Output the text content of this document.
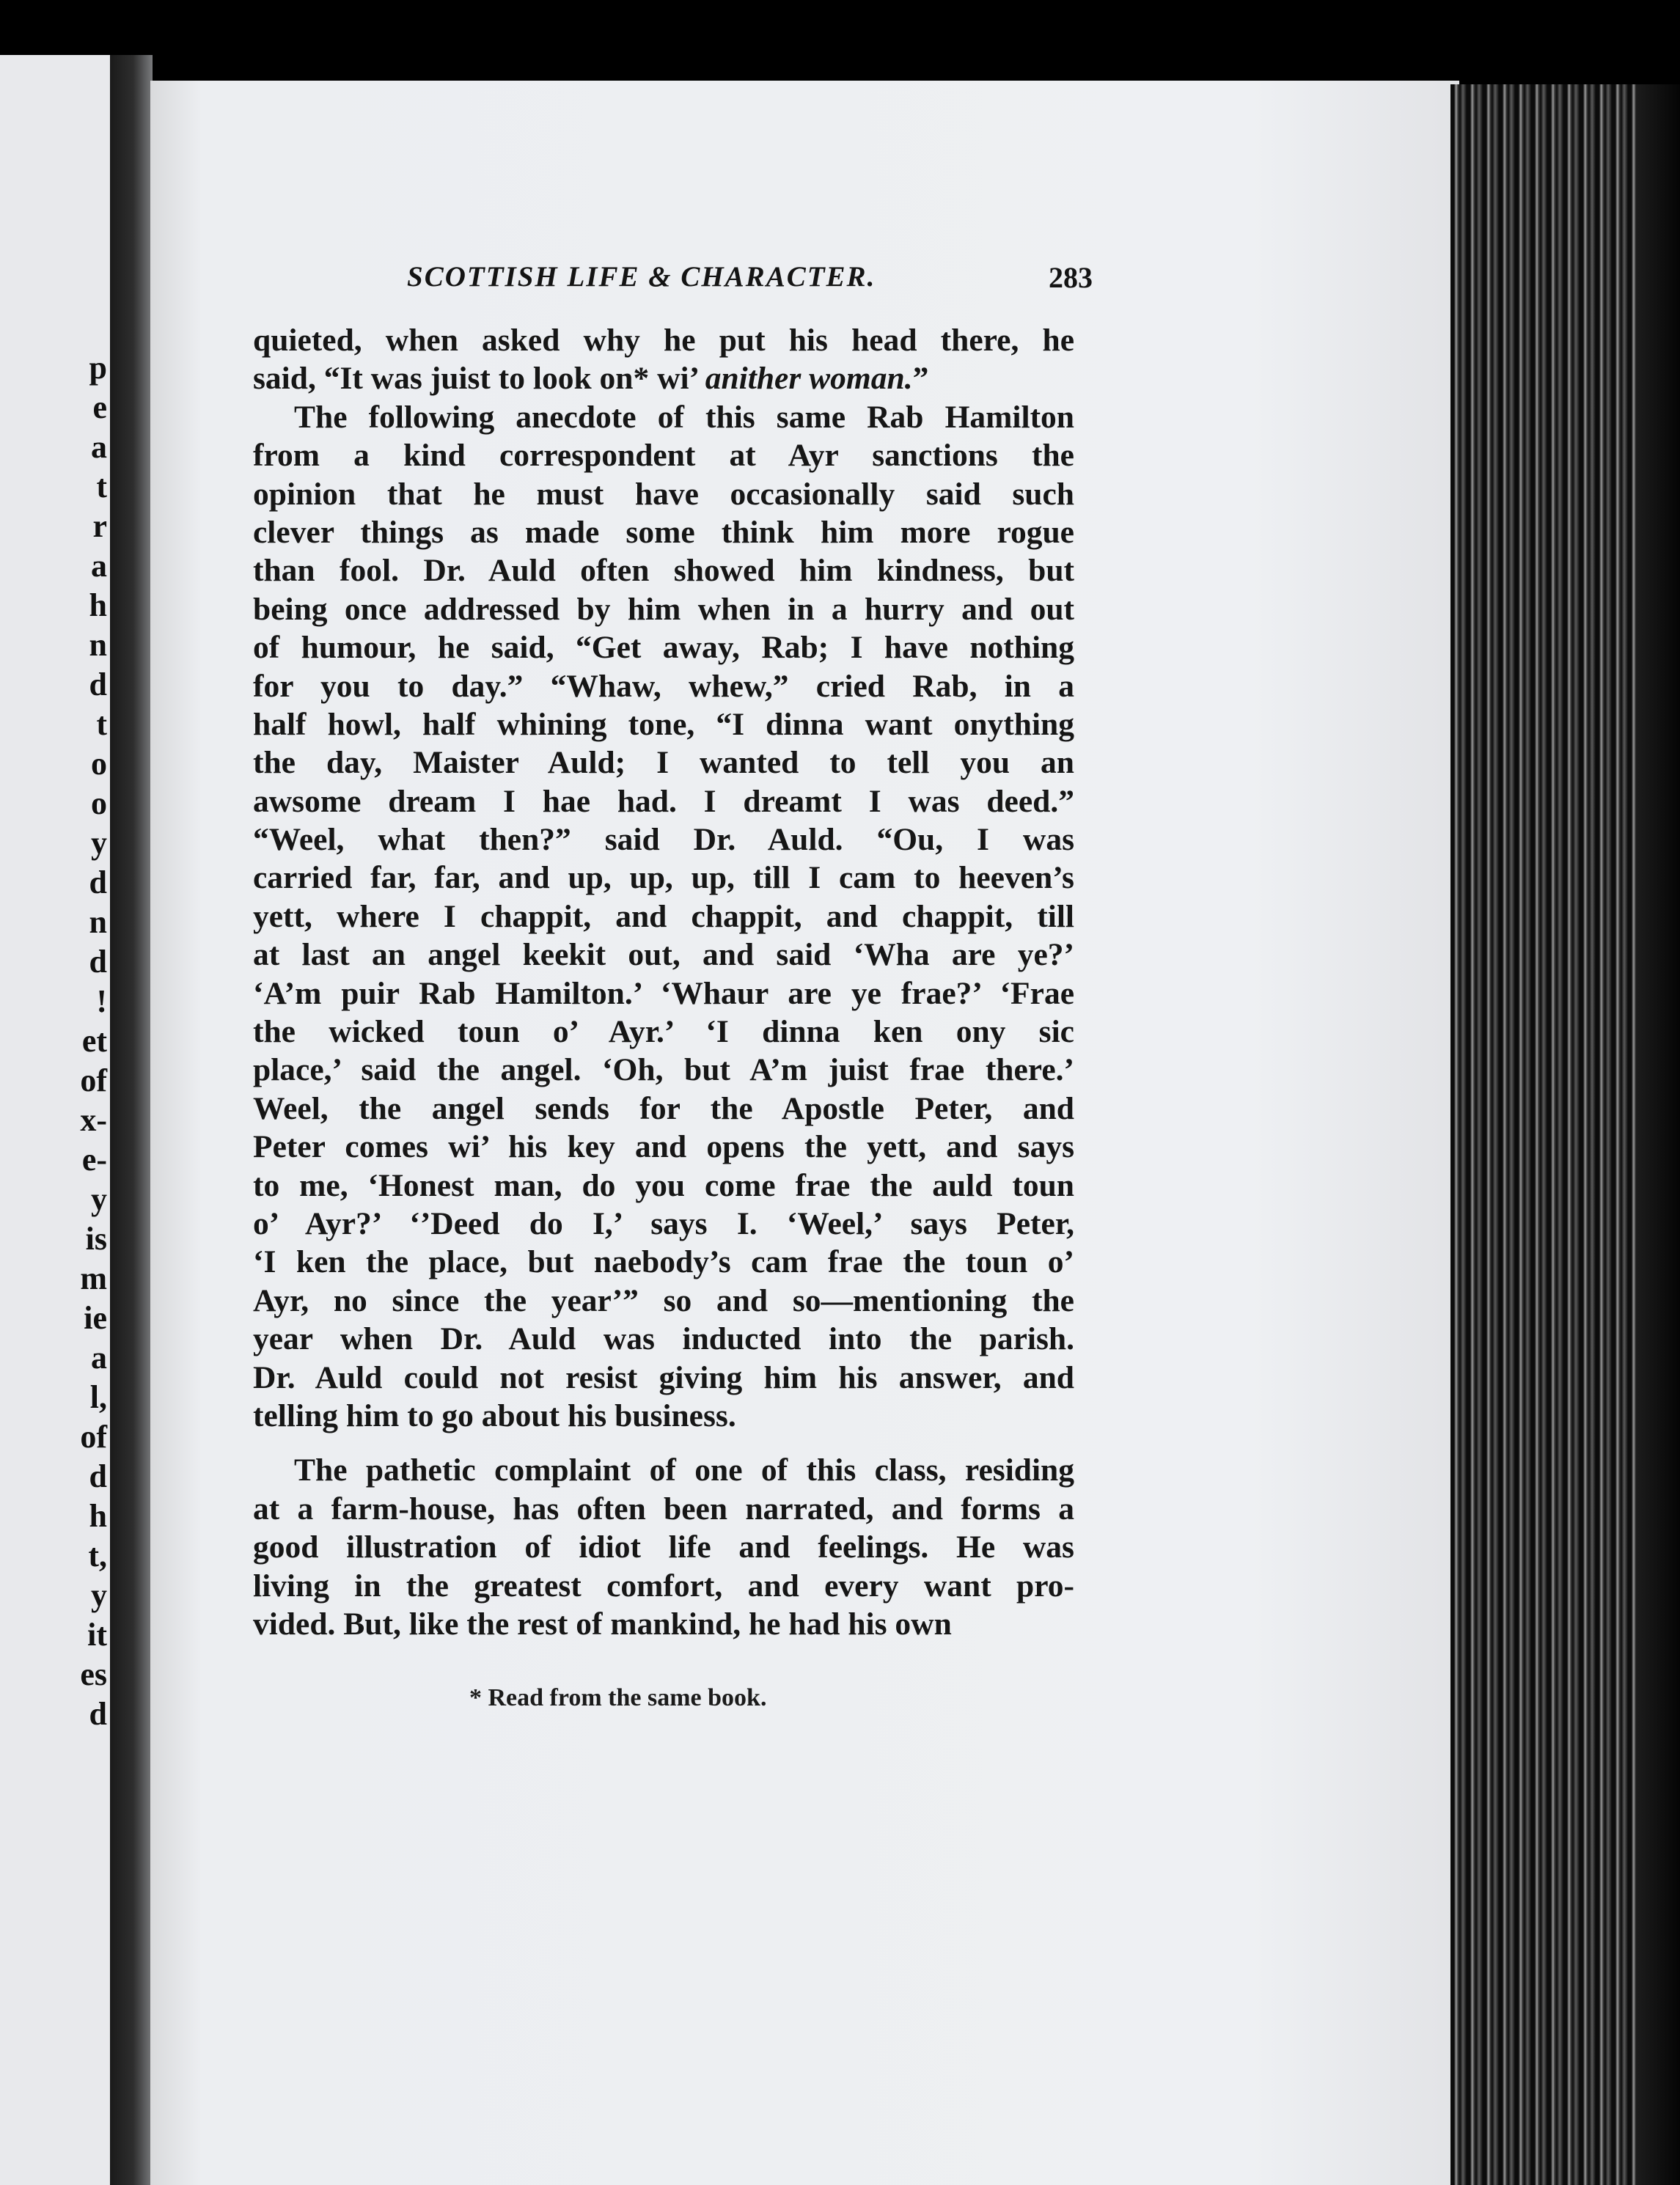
p
e
a
t
r
a
h
n
d
t
o
o
y
d
n
d
!
et
of
x-
e-
y
is
m
ie
a
l,
of
d
h
t,
y
it
es
d
SCOTTISH LIFE & CHARACTER.	283
quieted, when asked why he put his head there, he
said, “It was juist to look on* wi’ anither woman.”
The following anecdote of this same Rab Hamilton
from a kind correspondent at Ayr sanctions the
opinion that he must have occasionally said such
clever things as made some think him more rogue
than fool. Dr. Auld often showed him kindness, but
being once addressed by him when in a hurry and out
of humour, he said, “Get away, Rab; I have nothing
for you to day.” “Whaw, whew,” cried Rab, in a
half howl, half whining tone, “I dinna want onything
the day, Maister Auld; I wanted to tell you an
awsome dream I hae had. I dreamt I was deed.”
“Weel, what then?” said Dr. Auld. “Ou, I was
carried far, far, and up, up, up, till I cam to heeven’s
yett, where I chappit, and chappit, and chappit, till
at last an angel keekit out, and said ‘Wha are ye?’
‘A’m puir Rab Hamilton.’ ‘Whaur are ye frae?’ ‘Frae
the wicked toun o’ Ayr.’ ‘I dinna ken ony sic
place,’ said the angel. ‘Oh, but A’m juist frae there.’
Weel, the angel sends for the Apostle Peter, and
Peter comes wi’ his key and opens the yett, and says
to me, ‘Honest man, do you come frae the auld toun
o’ Ayr?’ ‘’Deed do I,’ says I. ‘Weel,’ says Peter,
‘I ken the place, but naebody’s cam frae the toun o’
Ayr, no since the year’” so and so—mentioning the
year when Dr. Auld was inducted into the parish.
Dr. Auld could not resist giving him his answer, and
telling him to go about his business.
The pathetic complaint of one of this class, residing
at a farm-house, has often been narrated, and forms a
good illustration of idiot life and feelings. He was
living in the greatest comfort, and every want pro-
vided. But, like the rest of mankind, he had his own
* Read from the same book.
